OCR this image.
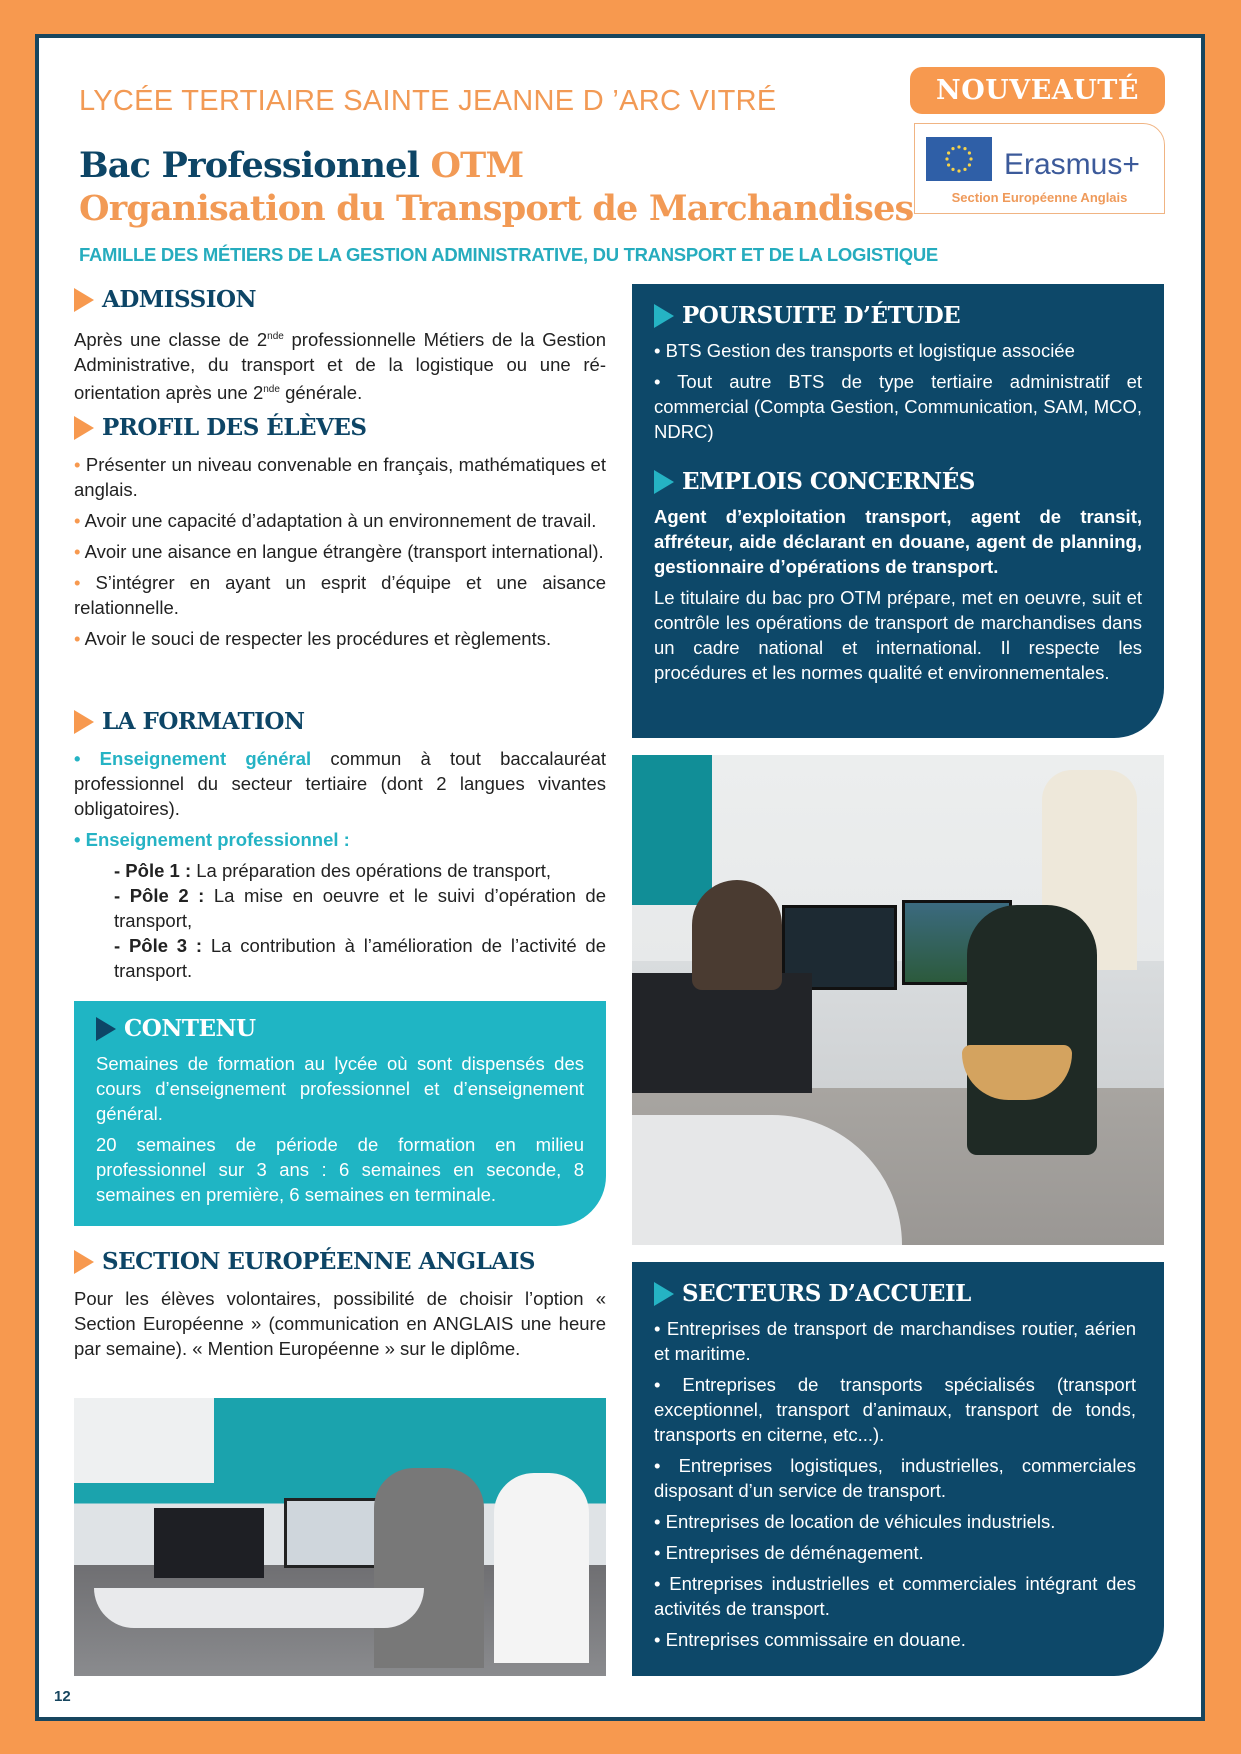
LYCÉE TERTIAIRE SAINTE JEANNE D ’ARC VITRÉ
Bac Professionnel OTM
Organisation du Transport de Marchandises
FAMILLE DES MÉTIERS DE LA GESTION ADMINISTRATIVE, DU TRANSPORT ET DE LA LOGISTIQUE
NOUVEAUTÉ
Erasmus+
Section Européenne Anglais
ADMISSION

Après une classe de 2nde professionnelle Métiers de la Gestion Administrative, du transport et de la logistique ou une ré-orientation après une 2nde générale.

PROFIL DES ÉLÈVES

• Présenter un niveau convenable en français, mathématiques et anglais.

• Avoir une capacité d’adaptation à un environnement de travail.

• Avoir une aisance en langue étrangère (transport international).

• S’intégrer en ayant un esprit d’équipe et une aisance relationnelle.

• Avoir le souci de respecter les procédures et règlements.

LA FORMATION

• Enseignement général commun à tout baccalauréat professionnel du secteur tertiaire (dont 2 langues vivantes obligatoires).

• Enseignement professionnel :

- Pôle 1 : La préparation des opérations de transport,

- Pôle 2 : La mise en oeuvre et le suivi d’opération de transport,

- Pôle 3 : La contribution à l’amélioration de l’activité de transport.

CONTENU

Semaines de formation au lycée où sont dispensés des cours d’enseignement professionnel et d’enseignement général.

20 semaines de période de formation en milieu professionnel sur 3 ans : 6 semaines en seconde, 8 semaines en première, 6 semaines en terminale.

SECTION EUROPÉENNE ANGLAIS

Pour les élèves volontaires, possibilité de choisir l’option « Section Européenne » (communication en ANGLAIS une heure par semaine). « Mention Européenne » sur le diplôme.

POURSUITE D’ÉTUDE

• BTS Gestion des transports et logistique associée

• Tout autre BTS de type tertiaire administratif et commercial (Compta Gestion, Communication, SAM, MCO, NDRC)

EMPLOIS CONCERNÉS

Agent d’exploitation transport, agent de transit, affréteur, aide déclarant en douane, agent de planning, gestionnaire d’opérations de transport.

Le titulaire du bac pro OTM prépare, met en oeuvre, suit et contrôle les opérations de transport de marchandises dans un cadre national et international. Il respecte les procédures et les normes qualité et environnementales.

SECTEURS D’ACCUEIL

• Entreprises de transport de marchandises routier, aérien et maritime.

• Entreprises de transports spécialisés (transport exceptionnel, transport d’animaux, transport de tonds, transports en citerne, etc...).

• Entreprises logistiques, industrielles, commerciales disposant d’un service de transport.

• Entreprises de location de véhicules industriels.

• Entreprises de déménagement.

• Entreprises industrielles et commerciales intégrant des activités de transport.

• Entreprises commissaire en douane.

12
